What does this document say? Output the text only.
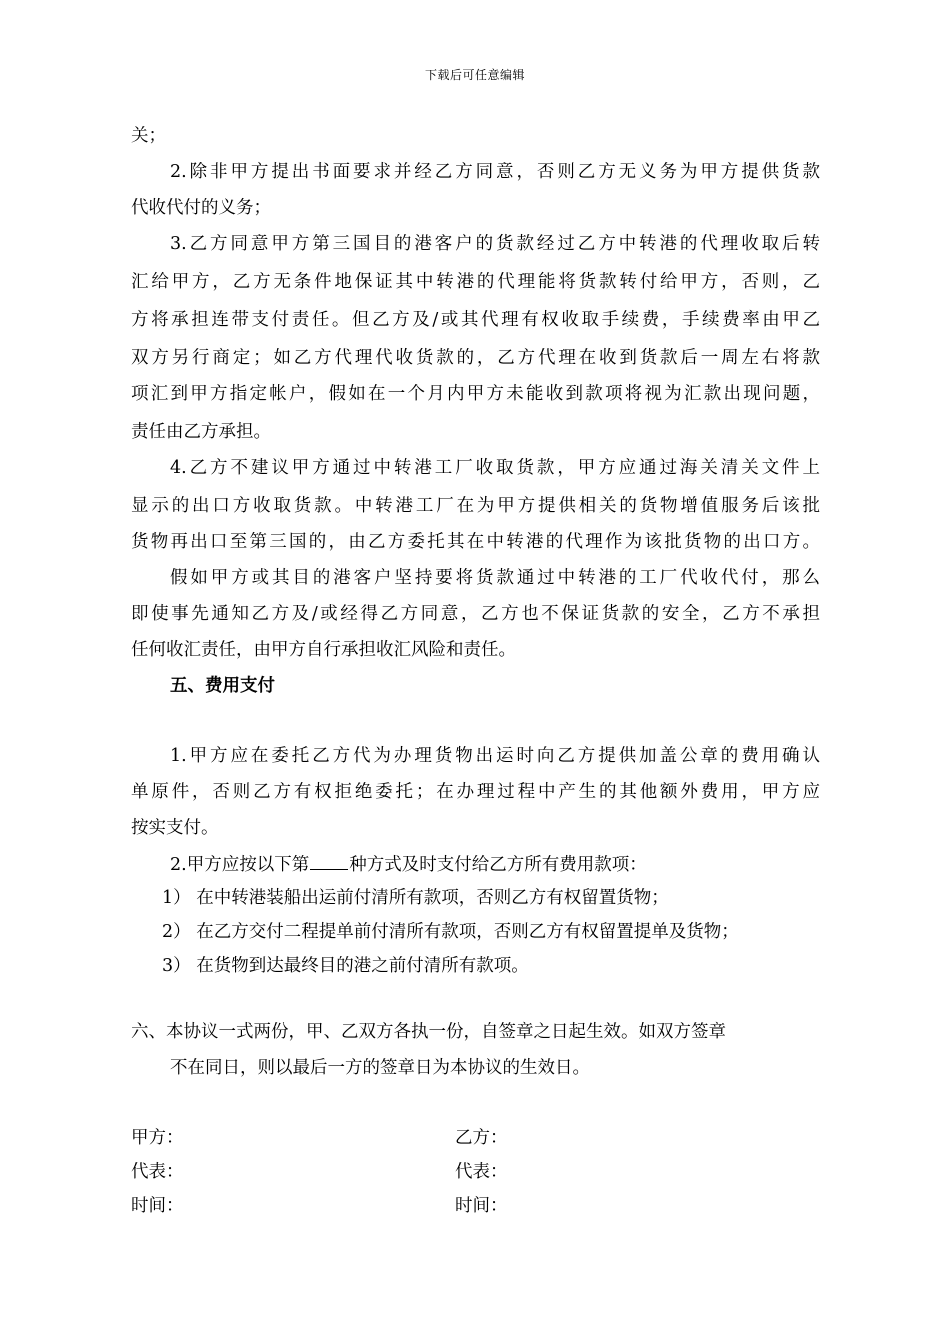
下载后可任意编辑
关；
2.除非甲方提出书面要求并经乙方同意，否则乙方无义务为甲方提供货款
代收代付的义务；
3.乙方同意甲方第三国目的港客户的货款经过乙方中转港的代理收取后转
汇给甲方，乙方无条件地保证其中转港的代理能将货款转付给甲方，否则，乙
方将承担连带支付责任。但乙方及/或其代理有权收取手续费，手续费率由甲乙
双方另行商定；如乙方代理代收货款的，乙方代理在收到货款后一周左右将款
项汇到甲方指定帐户，假如在一个月内甲方未能收到款项将视为汇款出现问题，
责任由乙方承担。
4.乙方不建议甲方通过中转港工厂收取货款，甲方应通过海关清关文件上
显示的出口方收取货款。中转港工厂在为甲方提供相关的货物增值服务后该批
货物再出口至第三国的，由乙方委托其在中转港的代理作为该批货物的出口方。
假如甲方或其目的港客户坚持要将货款通过中转港的工厂代收代付，那么
即使事先通知乙方及/或经得乙方同意，乙方也不保证货款的安全，乙方不承担
任何收汇责任，由甲方自行承担收汇风险和责任。
五、费用支付
1.甲方应在委托乙方代为办理货物出运时向乙方提供加盖公章的费用确认
单原件，否则乙方有权拒绝委托；在办理过程中产生的其他额外费用，甲方应
按实支付。
2.甲方应按以下第 种方式及时支付给乙方所有费用款项：
1） 在中转港装船出运前付清所有款项，否则乙方有权留置货物；
2） 在乙方交付二程提单前付清所有款项，否则乙方有权留置提单及货物；
3） 在货物到达最终目的港之前付清所有款项。
六、本协议一式两份，甲、乙双方各执一份，自签章之日起生效。如双方签章
不在同日，则以最后一方的签章日为本协议的生效日。
甲方：	乙方：
代表：	代表：
时间：	时间：
